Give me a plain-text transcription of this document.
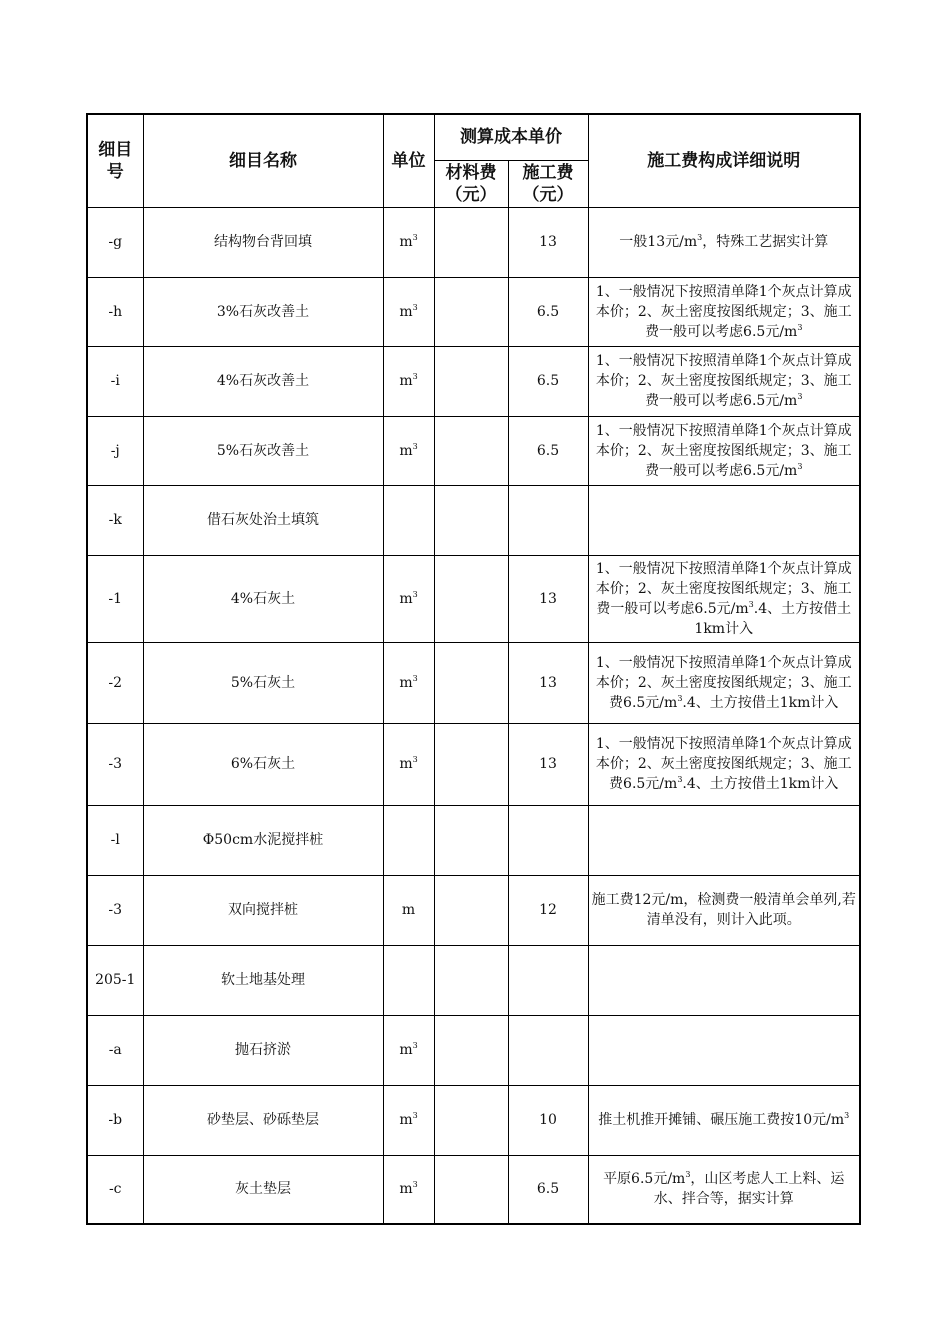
细目号	细目名称	单位	测算成本单价		施工费构成详细说明
			材料费（元）	施工费（元）	
-g	结构物台背回填	$m^3$		13	一般13元$/m^3$，特殊工艺据实计算
-h	3%石灰改善土	$m^3$		6.5	1、一般情况下按照清单降1个灰点计算成本价；2、灰土密度按图纸规定；3、施工费一般可以考虑6.5元$/m^3$
-i	4%石灰改善土	$m^3$		6.5	1、一般情况下按照清单降1个灰点计算成本价；2、灰土密度按图纸规定；3、施工费一般可以考虑6.5元$/m^3$
-j	5%石灰改善土	$m^3$		6.5	1、一般情况下按照清单降1个灰点计算成本价；2、灰土密度按图纸规定；3、施工费一般可以考虑6.5元$/m^3$
-k	借石灰处治土填筑				
-1	4%石灰土	$m^3$		13	1、一般情况下按照清单降1个灰点计算成本价；2、灰土密度按图纸规定；3、施工费一般可以考虑6.5元$/m^3.4$、土方按借土1km计入
-2	5%石灰土	$m^3$		13	1、一般情况下按照清单降1个灰点计算成本价；2、灰土密度按图纸规定；3、施工费6.5元$/m^3.4$、土方按借土1km计入
-3	6%石灰土	$m^3$		13	1、一般情况下按照清单降1个灰点计算成本价；2、灰土密度按图纸规定；3、施工费6.5元$/m^3.4$、土方按借土1km计入
-l	Φ50cm水泥搅拌桩				
-3	双向搅拌桩	m		12	施工费12元/m，检测费一般清单会单列,若清单没有，则计入此项。
205-1	软土地基处理				
-a	抛石挤淤	$m^3$			
-b	砂垫层、砂砾垫层	$m^3$		10	推土机推开摊铺、碾压施工费按10元$/m^3$
-c	灰土垫层	$m^3$		6.5	平原6.5元$/m^3$，山区考虑人工上料、运水、拌合等，据实计算
